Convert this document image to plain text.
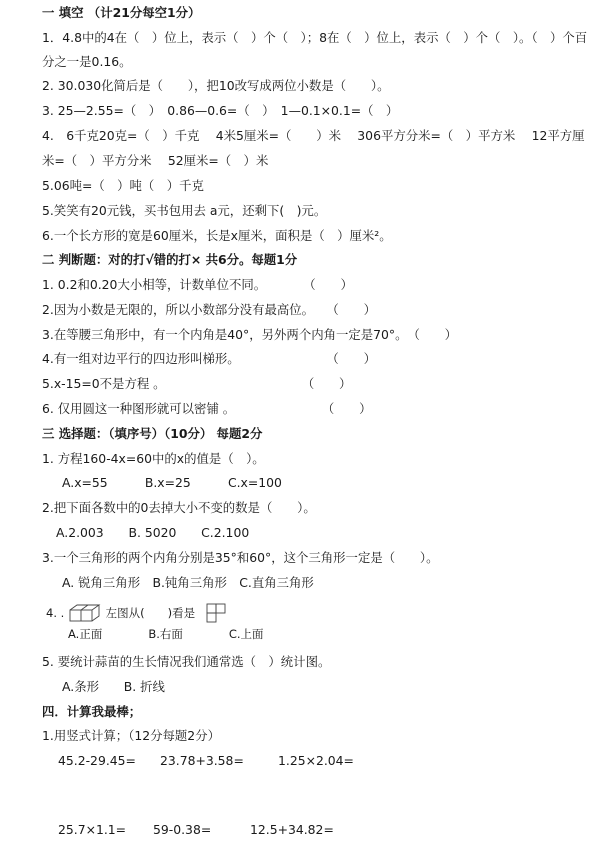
一 填空 （计21分每空1分）
1．4.8中的4在（　）位上，表示（　）个（　）；8在（　）位上，表示（　）个（　）。（　）个百
分之一是0.16。
2. 30.030化简后是（　　），把10改写成两位小数是（　　）。
3. 25—2.55=（　）　0.86—0.6=（　）　1—0.1×0.1=（　）
4.　6千克20克=（　）千克　 4米5厘米=（　　）米　 306平方分米=（　）平方米　 12平方厘
米=（　）平方分米　 52厘米=（　）米
5.06吨=（　）吨（　）千克
5.笑笑有20元钱，买书包用去 a元，还剩下(　)元。
6.一个长方形的宽是60厘米，长是x厘米，面积是（　）厘米²。
二 判断题：对的打√错的打× 共6分。每题1分
1. 0.2和0.20大小相等，计数单位不同。　　　　（　　）
2.因为小数是无限的，所以小数部分没有最高位。　　（　　）
3.在等腰三角形中，有一个内角是40°，另外两个内角一定是70°。　（　　）
4.有一组对边平行的四边形叫梯形。　　　　　　　　（　　）
5.x-15=0不是方程 。　　　　　　　　　　　　（　　）
6. 仅用圆这一种图形就可以密铺 。　　　　　　　　（　　）
三 选择题：（填序号）（10分） 每题2分
1. 方程160-4x=60中的x的值是（　）。
A.x=55　　　B.x=25　　　C.x=100
2.把下面各数中的0去掉大小不变的数是（　　）。
A.2.003　　B. 5020　　C.2.100
3.一个三角形的两个内角分别是35°和60°，这个三角形一定是（　　）。
A. 锐角三角形　B.钝角三角形　C.直角三角形
4. .	左图从(　　)看是
A.正面　　　　B.右面　　　　C.上面
5. 要统计蒜苗的生长情况我们通常选（　）统计图。
A.条形　　B. 折线
四．计算我最棒；
1.用竖式计算；（12分每题2分）
45.2-29.45= 23.78+3.58=	1.25×2.04=
25.7×1.1= 59-0.38=	12.5+34.82=
